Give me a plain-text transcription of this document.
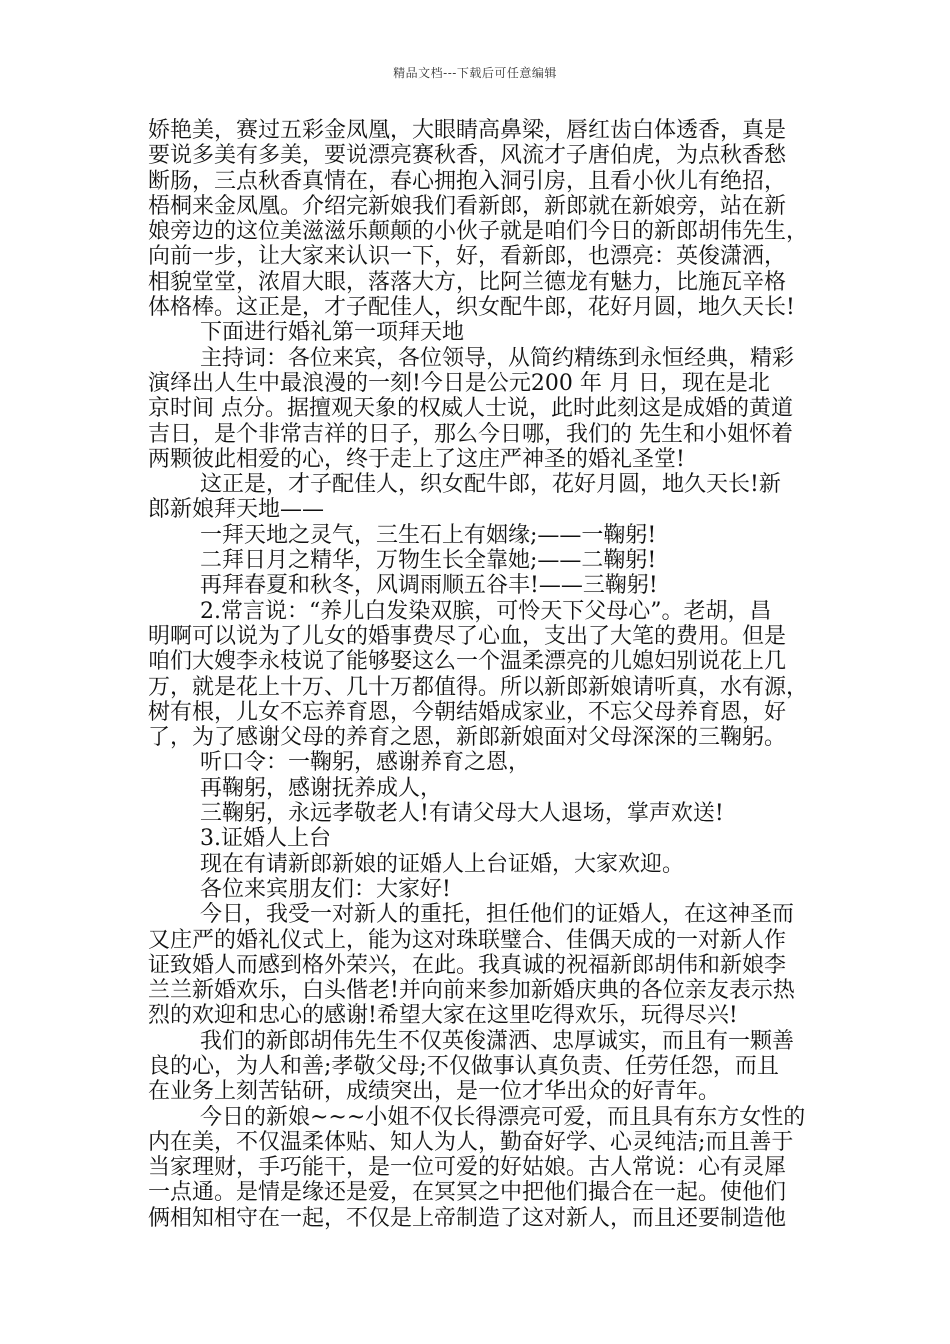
精品文档---下载后可任意编辑
娇艳美，赛过五彩金凤凰，大眼睛高鼻梁，唇红齿白体透香，真是
要说多美有多美，要说漂亮赛秋香，风流才子唐伯虎，为点秋香愁
断肠，三点秋香真情在，春心拥抱入洞引房，且看小伙儿有绝招，
梧桐来金凤凰。介绍完新娘我们看新郎，新郎就在新娘旁，站在新
娘旁边的这位美滋滋乐颠颠的小伙子就是咱们今日的新郎胡伟先生，
向前一步，让大家来认识一下，好，看新郎，也漂亮：英俊潇洒，
相貌堂堂，浓眉大眼，落落大方，比阿兰德龙有魅力，比施瓦辛格
体格棒。这正是，才子配佳人，织女配牛郎，花好月圆，地久天长!
下面进行婚礼第一项拜天地
主持词：各位来宾，各位领导，从简约精练到永恒经典，精彩
演绎出人生中最浪漫的一刻!今日是公元200 年 月 日，现在是北
京时间 点分。据擅观天象的权威人士说，此时此刻这是成婚的黄道
吉日，是个非常吉祥的日子，那么今日哪，我们的 先生和小姐怀着
两颗彼此相爱的心，终于走上了这庄严神圣的婚礼圣堂!
这正是，才子配佳人，织女配牛郎，花好月圆，地久天长!新
郎新娘拜天地——
一拜天地之灵气，三生石上有姻缘;——一鞠躬!
二拜日月之精华，万物生长全靠她;——二鞠躬!
再拜春夏和秋冬，风调雨顺五谷丰!——三鞠躬!
2.常言说：“养儿白发染双膑，可怜天下父母心”。老胡，昌
明啊可以说为了儿女的婚事费尽了心血，支出了大笔的费用。但是
咱们大嫂李永枝说了能够娶这么一个温柔漂亮的儿媳妇别说花上几
万，就是花上十万、几十万都值得。所以新郎新娘请听真，水有源，
树有根，儿女不忘养育恩，今朝结婚成家业，不忘父母养育恩，好
了，为了感谢父母的养育之恩，新郎新娘面对父母深深的三鞠躬。
听口令：一鞠躬，感谢养育之恩，
再鞠躬，感谢抚养成人，
三鞠躬，永远孝敬老人!有请父母大人退场，掌声欢送!
3.证婚人上台
现在有请新郎新娘的证婚人上台证婚，大家欢迎。
各位来宾朋友们：大家好!
今日，我受一对新人的重托，担任他们的证婚人，在这神圣而
又庄严的婚礼仪式上，能为这对珠联璧合、佳偶天成的一对新人作
证致婚人而感到格外荣兴，在此。我真诚的祝福新郎胡伟和新娘李
兰兰新婚欢乐，白头偕老!并向前来参加新婚庆典的各位亲友表示热
烈的欢迎和忠心的感谢!希望大家在这里吃得欢乐，玩得尽兴!
我们的新郎胡伟先生不仅英俊潇洒、忠厚诚实，而且有一颗善
良的心，为人和善;孝敬父母;不仅做事认真负责、任劳任怨，而且
在业务上刻苦钻研，成绩突出，是一位才华出众的好青年。
今日的新娘~~~小姐不仅长得漂亮可爱，而且具有东方女性的
内在美，不仅温柔体贴、知人为人，勤奋好学、心灵纯洁;而且善于
当家理财，手巧能干，是一位可爱的好姑娘。古人常说：心有灵犀
一点通。是情是缘还是爱，在冥冥之中把他们撮合在一起。使他们
俩相知相守在一起，不仅是上帝制造了这对新人，而且还要制造他
